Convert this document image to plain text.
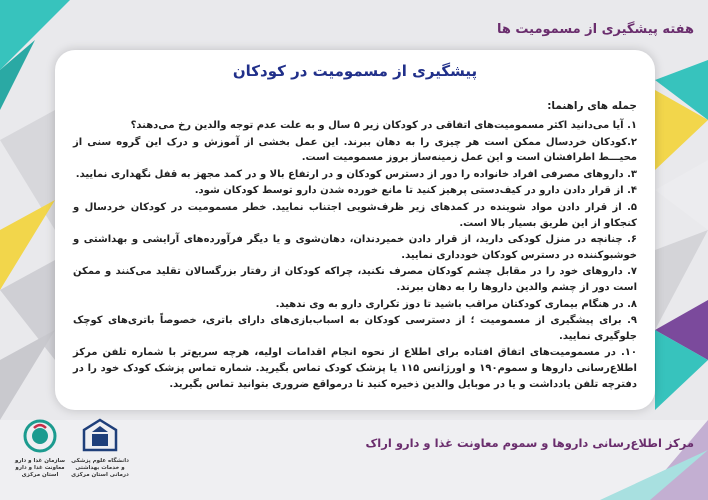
هفته پیشگیری از مسمومیت ها
پیشگیری از مسمومیت در کودکان
جمله های راهنما:

۱. آیا می‌دانید اکثر مسمومیت‌های اتفاقی در کودکان زیر ۵ سال و به علت عدم توجه والدین رخ می‌دهند؟

۲.کودکان خردسال ممکن است هر چیزی را به دهان ببرند. این عمل بخشی از آموزش و درک این گروه سنی از محیـــط اطرافشان است و این عمل زمینه‌ساز بروز مسمومیت است.

۳. داروهای مصرفی افراد خانواده را دور از دسترس کودکان و در ارتفاع بالا و در کمد مجهز به قفل نگهداری نمایید.

۴. از قرار دادن دارو در کیف‌دستی پرهیز کنید تا مانع خورده شدن دارو توسط کودکان شود.

۵. از قرار دادن مواد شوینده در کمدهای زیر ظرف‌شویی اجتناب نمایید. خطر مسمومیت در کودکان خردسال و کنجکاو از این طریق بسیار بالا است.

۶. چنانچه در منزل کودکی دارید، از قرار دادن خمیردندان، دهان‌شوی و یا دیگر فرآورده‌های آرایشی و بهداشتی و خوشبوکننده در دسترس کودکان خودداری نمایید.

۷. داروهای خود را در مقابل چشم کودکان مصرف نکنید، چراکه کودکان از رفتار بزرگسالان تقلید می‌کنند و ممکن است دور از چشم والدین داروها را به دهان ببرند.

۸. در هنگام بیماری کودکتان مراقب باشید تا دوز تکراری دارو به وی ندهید.

۹. برای پیشگیری از مسمومیت ؛ از دسترسی کودکان به اسباب‌بازی‌های دارای باتری، خصوصاً باتری‌های کوچک جلوگیری نمایید.

۱۰. در مسمومیت‌های اتفاق افتاده برای اطلاع از نحوه انجام اقدامات اولیه، هرچه سریع‌تر با شماره تلفن مرکز اطلاع‌رسانی داروها و سموم۱۹۰ و اورژانس ۱۱۵ یا پزشک کودک تماس بگیرید. شماره تماس پزشک کودک خود را در دفترچه تلفن یادداشت و یا در موبایل والدین ذخیره کنید تا درمواقع ضروری بتوانید تماس بگیرید.

مرکز اطلاع‌رسانی داروها و سموم معاونت غذا و دارو اراک
سازمان غذا و دارو معاونت غذا و دارو استان مرکزی
دانشگاه علوم پزشکی و خدمات بهداشتی درمانی استان مرکزی
